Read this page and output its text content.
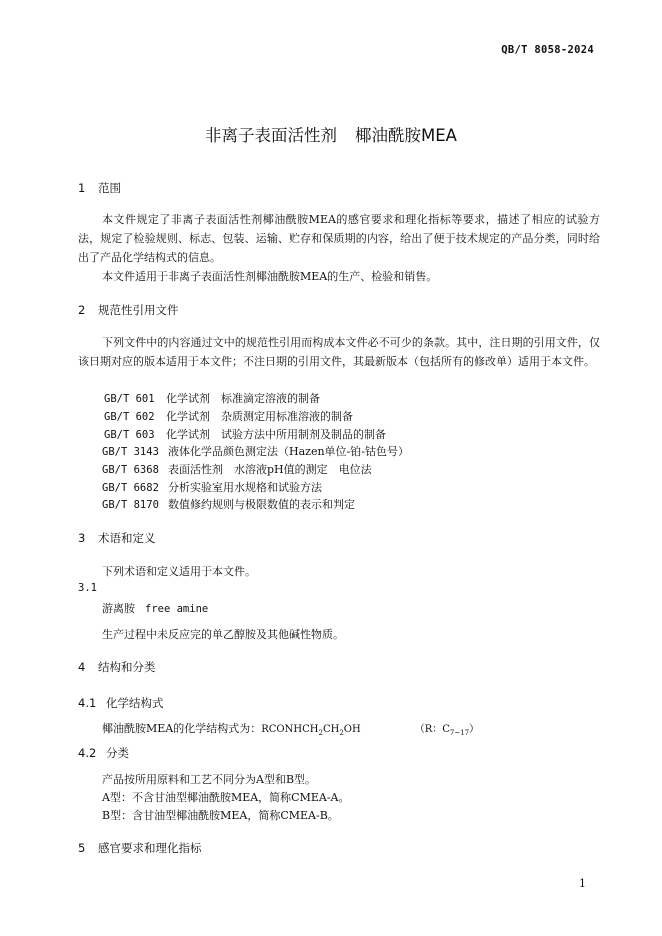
QB/T 8058-2024
非离子表面活性剂 椰油酰胺MEA
1 范围

本文件规定了非离子表面活性剂椰油酰胺MEA的感官要求和理化指标等要求，描述了相应的试验方法，规定了检验规则、标志、包装、运输、贮存和保质期的内容，给出了便于技术规定的产品分类，同时给出了产品化学结构式的信息。

本文件适用于非离子表面活性剂椰油酰胺MEA的生产、检验和销售。

2 规范性引用文件

下列文件中的内容通过文中的规范性引用而构成本文件必不可少的条款。其中，注日期的引用文件，仅该日期对应的版本适用于本文件；不注日期的引用文件，其最新版本（包括所有的修改单）适用于本文件。

GB/T 601 化学试剂　标准滴定溶液的制备
GB/T 602 化学试剂　杂质测定用标准溶液的制备
GB/T 603 化学试剂　试验方法中所用制剂及制品的制备
GB/T 3143 液体化学品颜色测定法（Hazen单位-铂-钴色号）
GB/T 6368 表面活性剂　水溶液pH值的测定　电位法
GB/T 6682 分析实验室用水规格和试验方法
GB/T 8170 数值修约规则与极限数值的表示和判定
3 术语和定义
下列术语和定义适用于本文件。
3.1
游离胺 free amine
生产过程中未反应完的单乙醇胺及其他碱性物质。
4 结构和分类
4.1 化学结构式
椰油酰胺MEA的化学结构式为：$RCONHCH_2CH_2OH$	（R：$C_{7\sim 17}$）
4.2 分类
产品按所用原料和工艺不同分为A型和B型。
A型：不含甘油型椰油酰胺MEA，简称CMEA-A。
B型：含甘油型椰油酰胺MEA，简称CMEA-B。
5 感官要求和理化指标
1
